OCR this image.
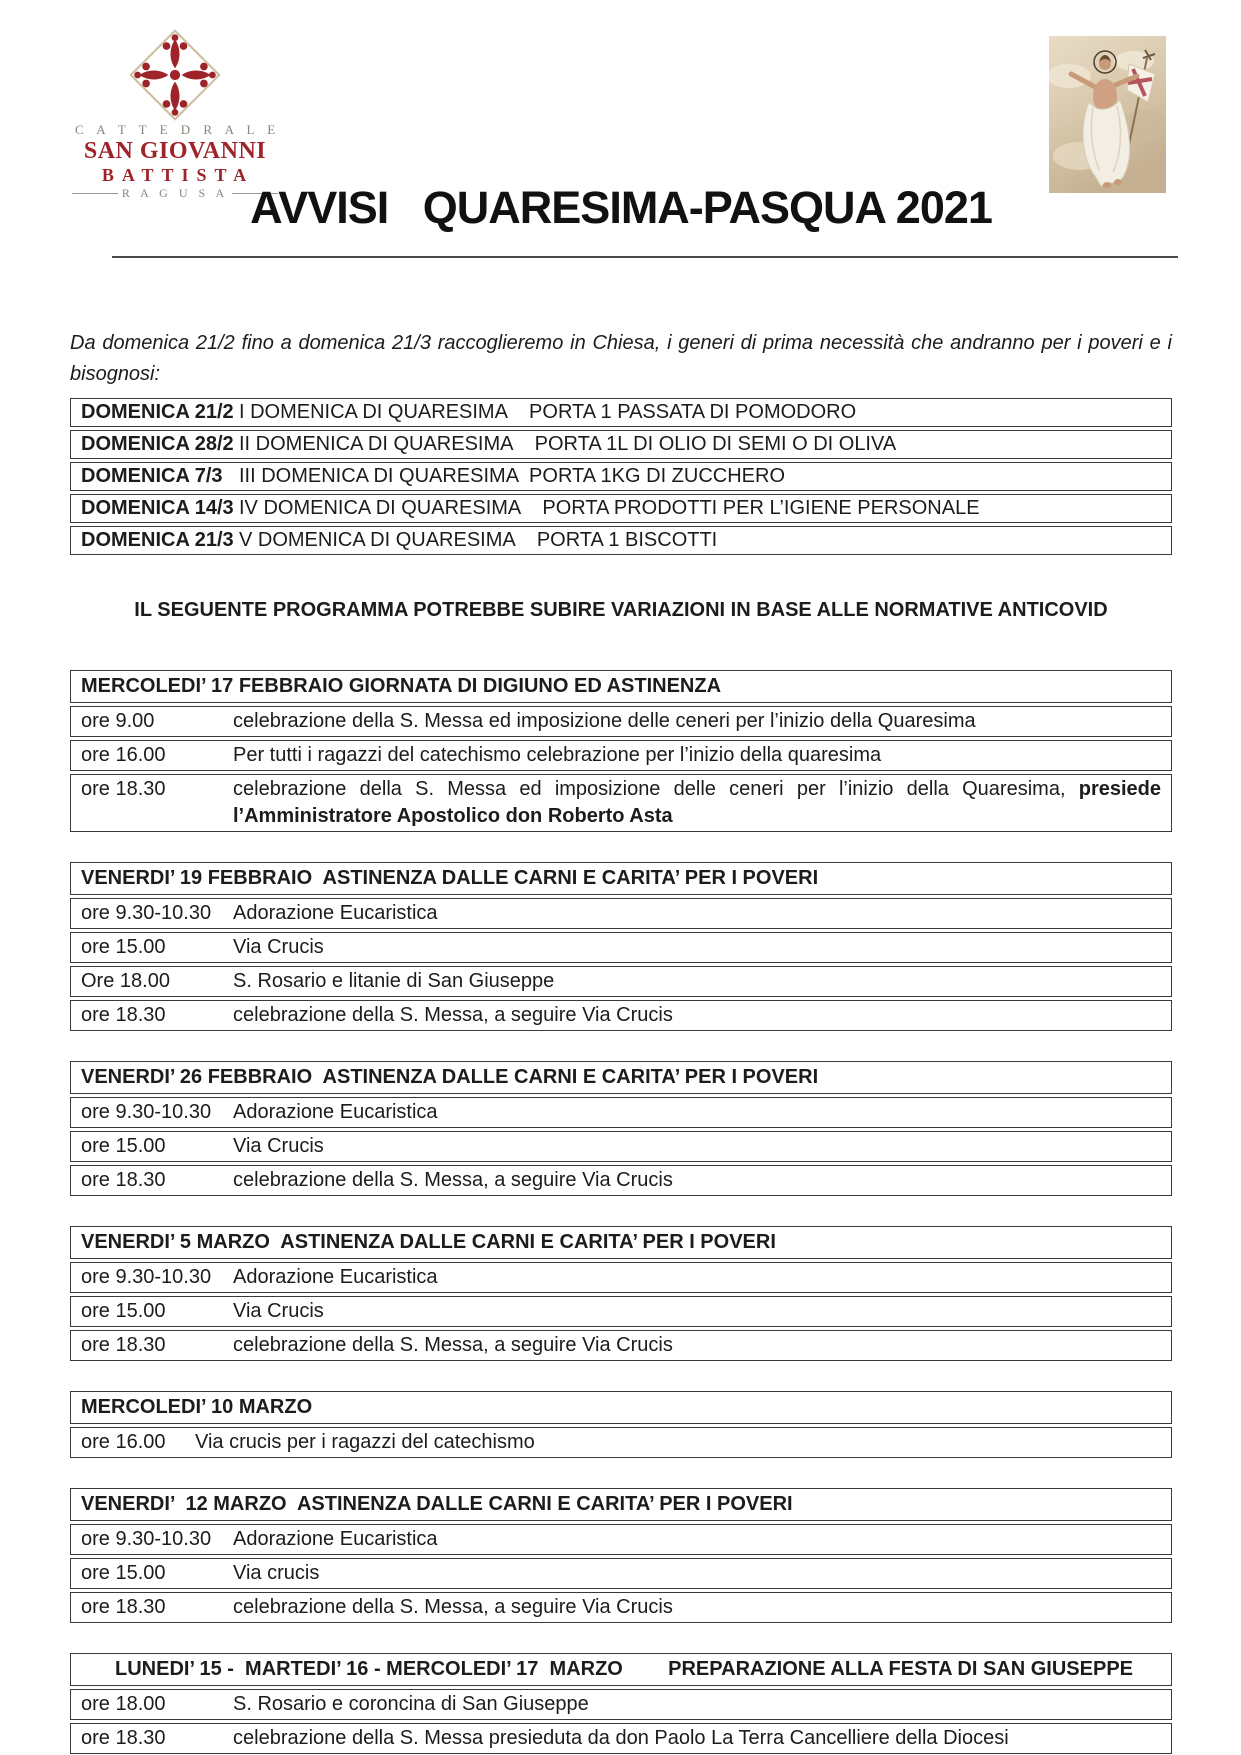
C A T T E D R A L E
SAN GIOVANNI
BATTISTA
R A G U S A AVVISI   QUARESIMA-PASQUA 2021

Da domenica 21/2 fino a domenica 21/3 raccoglieremo in Chiesa, i generi di prima necessità che andranno per i poveri e i bisognosi:

DOMENICA 21/2 I DOMENICA DI QUARESIMA    PORTA 1 PASSATA DI POMODORO
DOMENICA 28/2 II DOMENICA DI QUARESIMA    PORTA 1L DI OLIO DI SEMI O DI OLIVA
DOMENICA 7/3 III DOMENICA DI QUARESIMA  PORTA 1KG DI ZUCCHERO
DOMENICA 14/3 IV DOMENICA DI QUARESIMA    PORTA PRODOTTI PER L’IGIENE PERSONALE
DOMENICA 21/3 V DOMENICA DI QUARESIMA    PORTA 1 BISCOTTI

IL SEGUENTE PROGRAMMA POTREBBE SUBIRE VARIAZIONI IN BASE ALLE NORMATIVE ANTICOVID

MERCOLEDI’ 17 FEBBRAIO GIORNATA DI DIGIUNO ED ASTINENZA
ore 9.00	celebrazione della S. Messa ed imposizione delle ceneri per l’inizio della Quaresima
ore 16.00	Per tutti i ragazzi del catechismo celebrazione per l’inizio della quaresima
ore 18.30	celebrazione della S. Messa ed imposizione delle ceneri per l’inizio della Quaresima, presiede l’Amministratore Apostolico don Roberto Asta
VENERDI’ 19 FEBBRAIO  ASTINENZA DALLE CARNI E CARITA’ PER I POVERI
ore 9.30-10.30	Adorazione Eucaristica
ore 15.00	Via Crucis
Ore 18.00	S. Rosario e litanie di San Giuseppe
ore 18.30	celebrazione della S. Messa, a seguire Via Crucis
VENERDI’ 26 FEBBRAIO  ASTINENZA DALLE CARNI E CARITA’ PER I POVERI
ore 9.30-10.30	Adorazione Eucaristica
ore 15.00	Via Crucis
ore 18.30	celebrazione della S. Messa, a seguire Via Crucis
VENERDI’ 5 MARZO  ASTINENZA DALLE CARNI E CARITA’ PER I POVERI
ore 9.30-10.30	Adorazione Eucaristica
ore 15.00	Via Crucis
ore 18.30	celebrazione della S. Messa, a seguire Via Crucis
MERCOLEDI’ 10 MARZO
ore 16.00	Via crucis per i ragazzi del catechismo
VENERDI’  12 MARZO  ASTINENZA DALLE CARNI E CARITA’ PER I POVERI
ore 9.30-10.30	Adorazione Eucaristica
ore 15.00	Via crucis
ore 18.30	celebrazione della S. Messa, a seguire Via Crucis
LUNEDI’ 15 -  MARTEDI’ 16 - MERCOLEDI’ 17  MARZO PREPARAZIONE ALLA FESTA DI SAN GIUSEPPE
ore 18.00	S. Rosario e coroncina di San Giuseppe
ore 18.30	celebrazione della S. Messa presieduta da don Paolo La Terra Cancelliere della Diocesi
